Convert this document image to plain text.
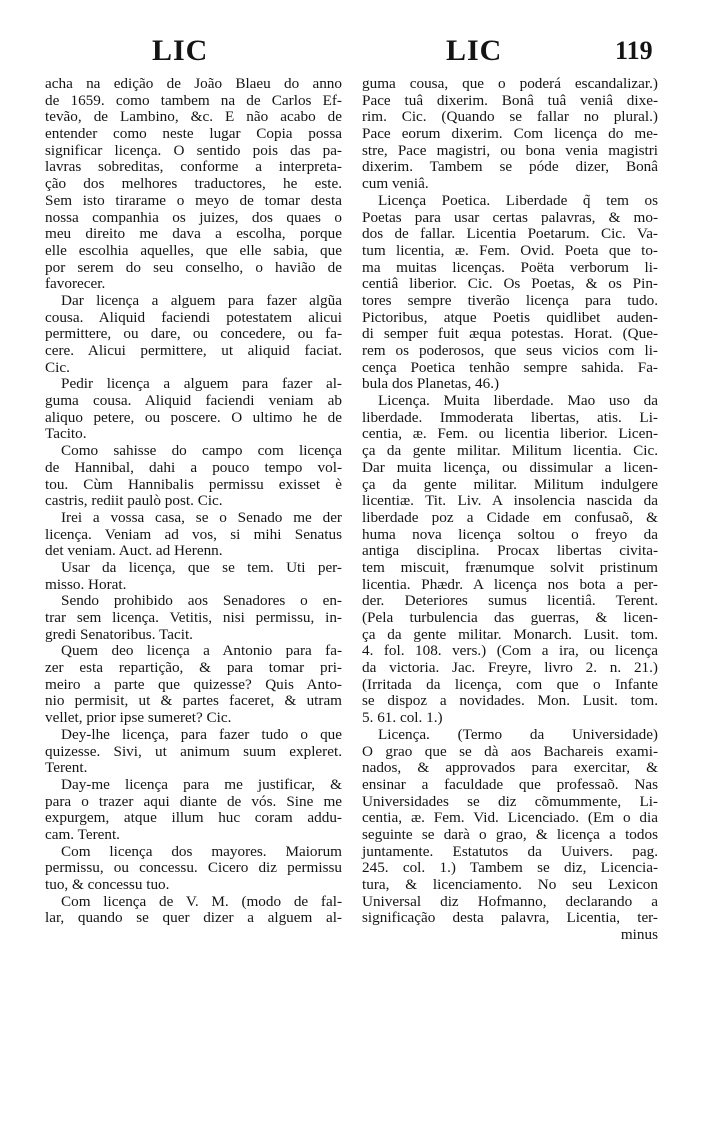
LIC	LIC	119
acha na edição de João Blaeu do anno
de 1659. como tambem na de Carlos Ef-
tevão, de Lambino, &c. E não acabo de
entender como neste lugar Copia possa
significar licença. O sentido pois das pa-
lavras sobreditas, conforme a interpreta-
ção dos melhores traductores, he este.
Sem isto tirarame o meyo de tomar desta
nossa companhia os juizes, dos quaes o
meu direito me dava a escolha, porque
elle escolhia aquelles, que elle sabia, que
por serem do seu conselho, o havião de
favorecer.
Dar licença a alguem para fazer algũa
cousa. Aliquid faciendi potestatem alicui
permittere, ou dare, ou concedere, ou fa-
cere. Alicui permittere, ut aliquid faciat.
Cic.
Pedir licença a alguem para fazer al-
guma cousa. Aliquid faciendi veniam ab
aliquo petere, ou poscere. O ultimo he de
Tacito.
Como sahisse do campo com licença
de Hannibal, dahi a pouco tempo vol-
tou. Cùm Hannibalis permissu exisset è
castris, rediit paulò post. Cic.
Irei a vossa casa, se o Senado me der
licença. Veniam ad vos, si mihi Senatus
det veniam. Auct. ad Herenn.
Usar da licença, que se tem. Uti per-
misso. Horat.
Sendo prohibido aos Senadores o en-
trar sem licença. Vetitis, nisi permissu, in-
gredi Senatoribus. Tacit.
Quem deo licença a Antonio para fa-
zer esta repartição, & para tomar pri-
meiro a parte que quizesse? Quis Anto-
nio permisit, ut & partes faceret, & utram
vellet, prior ipse sumeret? Cic.
Dey-lhe licença, para fazer tudo o que
quizesse. Sivi, ut animum suum expleret.
Terent.
Day-me licença para me justificar, &
para o trazer aqui diante de vós. Sine me
expurgem, atque illum huc coram addu-
cam. Terent.
Com licença dos mayores. Maiorum
permissu, ou concessu. Cicero diz permissu
tuo, & concessu tuo.
Com licença de V. M. (modo de fal-
lar, quando se quer dizer a alguem al-
guma cousa, que o poderá escandalizar.)
Pace tuâ dixerim. Bonâ tuâ veniâ dixe-
rim. Cic. (Quando se fallar no plural.)
Pace eorum dixerim. Com licença do me-
stre, Pace magistri, ou bona venia magistri
dixerim. Tambem se póde dizer, Bonâ
cum veniâ.
Licença Poetica. Liberdade q̃ tem os
Poetas para usar certas palavras, & mo-
dos de fallar. Licentia Poetarum. Cic. Va-
tum licentia, æ. Fem. Ovid. Poeta que to-
ma muitas licenças. Poëta verborum li-
centiâ liberior. Cic. Os Poetas, & os Pin-
tores sempre tiverão licença para tudo.
Pictoribus, atque Poetis quidlibet auden-
di semper fuit æqua potestas. Horat. (Que-
rem os poderosos, que seus vicios com li-
cença Poetica tenhão sempre sahida. Fa-
bula dos Planetas, 46.)
Licença. Muita liberdade. Mao uso da
liberdade. Immoderata libertas, atis. Li-
centia, æ. Fem. ou licentia liberior. Licen-
ça da gente militar. Militum licentia. Cic.
Dar muita licença, ou dissimular a licen-
ça da gente militar. Militum indulgere
licentiæ. Tit. Liv. A insolencia nascida da
liberdade poz a Cidade em confusaõ, &
huma nova licença soltou o freyo da
antiga disciplina. Procax libertas civita-
tem miscuit, frænumque solvit pristinum
licentia. Phædr. A licença nos bota a per-
der. Deteriores sumus licentiâ. Terent.
(Pela turbulencia das guerras, & licen-
ça da gente militar. Monarch. Lusit. tom.
4. fol. 108. vers.) (Com a ira, ou licença
da victoria. Jac. Freyre, livro 2. n. 21.)
(Irritada da licença, com que o Infante
se dispoz a novidades. Mon. Lusit. tom.
5. 61. col. 1.)
Licença. (Termo da Universidade)
O grao que se dà aos Bachareis exami-
nados, & approvados para exercitar, &
ensinar a faculdade que professaõ. Nas
Universidades se diz cõmummente, Li-
centia, æ. Fem. Vid. Licenciado. (Em o dia
seguinte se darà o grao, & licença a todos
juntamente. Estatutos da Uuivers. pag.
245. col. 1.) Tambem se diz, Licencia-
tura, & licenciamento. No seu Lexicon
Universal diz Hofmanno, declarando a
significação desta palavra, Licentia, ter-
minus
